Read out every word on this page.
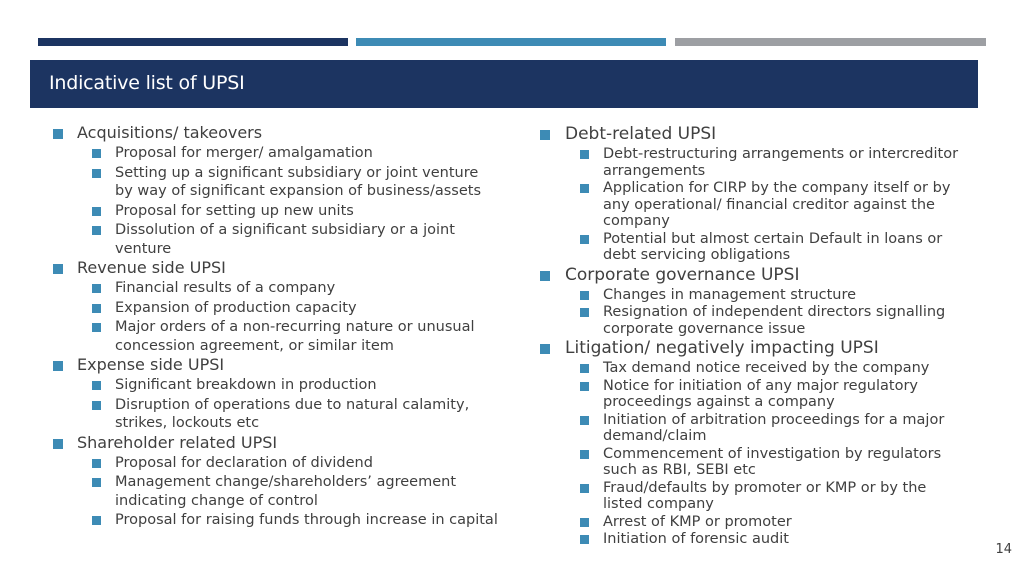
Indicative list of UPSI
Acquisitions/ takeovers
Proposal for merger/ amalgamation
Setting up a significant subsidiary or joint venture by way of significant expansion of business/assets
Proposal for setting up new units
Dissolution of a significant subsidiary or a joint venture
Revenue side UPSI
Financial results of a company
Expansion of production capacity
Major orders of a non-recurring nature or unusual concession agreement, or similar item
Expense side UPSI
Significant breakdown in production
Disruption of operations due to natural calamity, strikes, lockouts etc
Shareholder related UPSI
Proposal for declaration of dividend
Management change/shareholders’ agreement indicating change of control
Proposal for raising funds through increase in capital
Debt-related UPSI
Debt-restructuring arrangements or intercreditor arrangements
Application for CIRP by the company itself or by any operational/ financial creditor against the company
Potential but almost certain Default in loans or debt servicing obligations
Corporate governance UPSI
Changes in management structure
Resignation of independent directors signalling corporate governance issue
Litigation/ negatively impacting UPSI
Tax demand notice received by the company
Notice for initiation of any major regulatory proceedings against a company
Initiation of arbitration proceedings for a major demand/claim
Commencement of investigation by regulators such as RBI, SEBI etc
Fraud/defaults by promoter or KMP or by the listed company
Arrest of KMP or promoter
Initiation of forensic audit
14
